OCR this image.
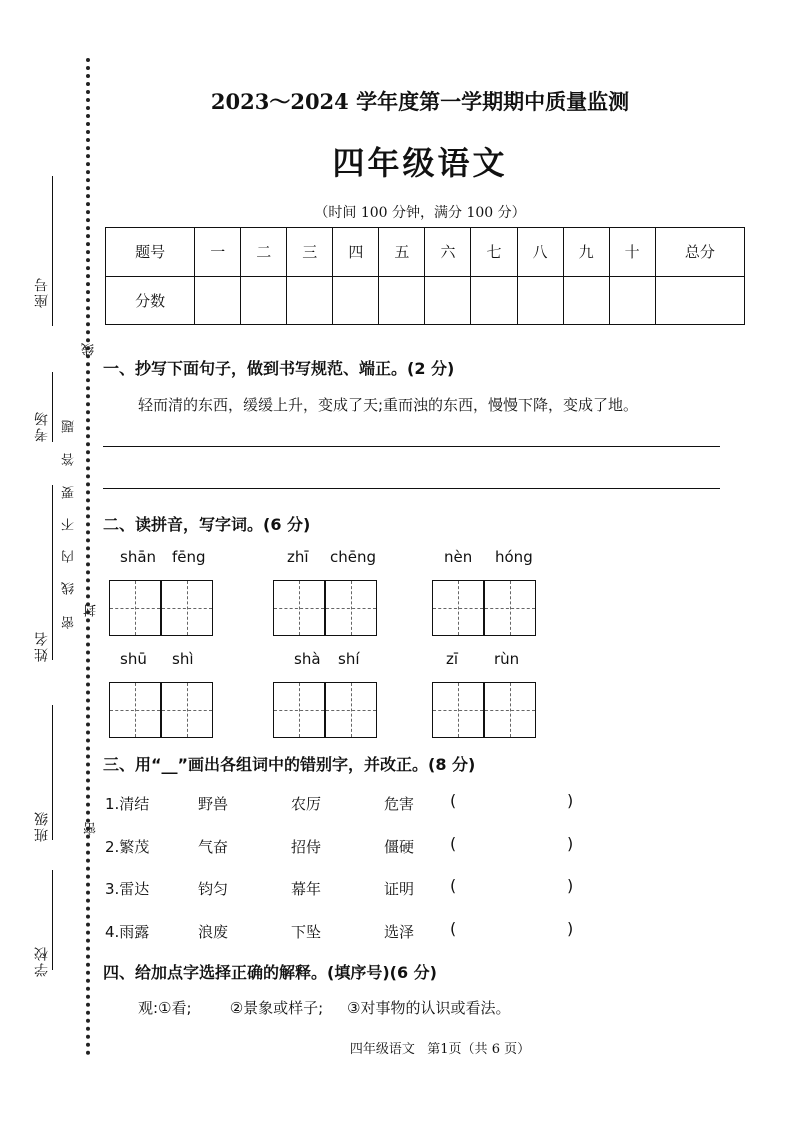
座号
考场
姓名
班级
学校
线
题
答
要
不
内
线
封
密
密
2023～2024 学年度第一学期期中质量监测
四年级语文
（时间 100 分钟，满分 100 分）
题号	一	二	三	四	五	六	七	八	九	十	总分
分数											
一、抄写下面句子，做到书写规范、端正。(2 分)
轻而清的东西，缓缓上升，变成了天;重而浊的东西，慢慢下降，变成了地。
二、读拼音，写字词。(6 分)
shān fēng	zhī chēng	nèn hóng
shū shì	shà shí	zī rùn
三、用“__”画出各组词中的错别字，并改正。(8 分)
1.清结	野兽	农厉	危害 (	)
2.繁茂	气奋	招侍	僵硬 (	)
3.雷达	钧匀	幕年	证明 (	)
4.雨露	浪废	下坠	选泽 (	)
四、给加点字选择正确的解释。(填序号)(6 分)
观:①看;        ②景象或样子;     ③对事物的认识或看法。
四年级语文   第1页（共 6 页）
